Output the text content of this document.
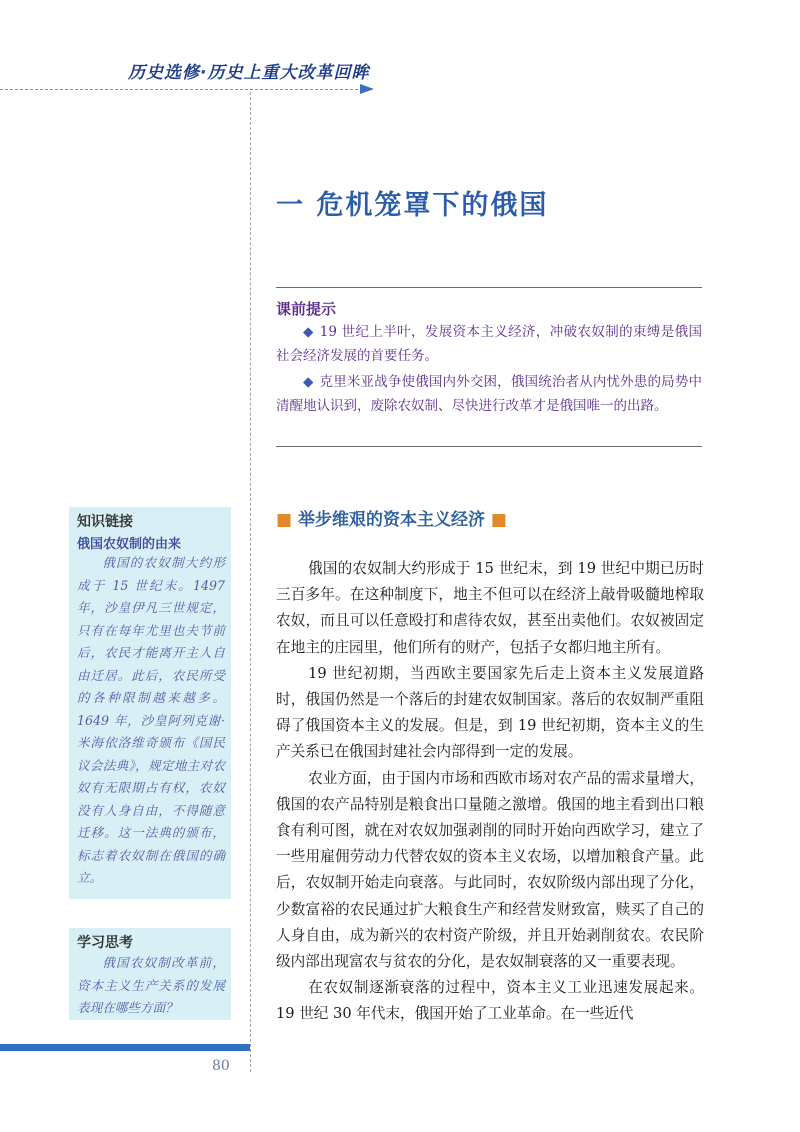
历史选修·历史上重大改革回眸
一 危机笼罩下的俄国
课前提示
◆ 19 世纪上半叶，发展资本主义经济，冲破农奴制的束缚是俄国社会经济发展的首要任务。
◆ 克里米亚战争使俄国内外交困，俄国统治者从内忧外患的局势中清醒地认识到，废除农奴制、尽快进行改革才是俄国唯一的出路。
■ 举步维艰的资本主义经济 ■

俄国的农奴制大约形成于 15 世纪末，到 19 世纪中期已历时三百多年。在这种制度下，地主不但可以在经济上敲骨吸髓地榨取农奴，而且可以任意殴打和虐待农奴，甚至出卖他们。农奴被固定在地主的庄园里，他们所有的财产，包括子女都归地主所有。

19 世纪初期，当西欧主要国家先后走上资本主义发展道路时，俄国仍然是一个落后的封建农奴制国家。落后的农奴制严重阻碍了俄国资本主义的发展。但是，到 19 世纪初期，资本主义的生产关系已在俄国封建社会内部得到一定的发展。

农业方面，由于国内市场和西欧市场对农产品的需求量增大，俄国的农产品特别是粮食出口量随之激增。俄国的地主看到出口粮食有利可图，就在对农奴加强剥削的同时开始向西欧学习，建立了一些用雇佣劳动力代替农奴的资本主义农场，以增加粮食产量。此后，农奴制开始走向衰落。与此同时，农奴阶级内部出现了分化，少数富裕的农民通过扩大粮食生产和经营发财致富，赎买了自己的人身自由，成为新兴的农村资产阶级，并且开始剥削贫农。农民阶级内部出现富农与贫农的分化，是农奴制衰落的又一重要表现。

在农奴制逐渐衰落的过程中，资本主义工业迅速发展起来。19 世纪 30 年代末，俄国开始了工业革命。在一些近代

知识链接
俄国农奴制的由来
俄国的农奴制大约形成于 15 世纪末。1497 年，沙皇伊凡三世规定，只有在每年尤里也夫节前后，农民才能离开主人自由迁居。此后，农民所受的各种限制越来越多。1649 年，沙皇阿列克谢·米海依洛维奇颁布《国民议会法典》，规定地主对农奴有无限期占有权，农奴没有人身自由，不得随意迁移。这一法典的颁布，标志着农奴制在俄国的确立。
学习思考
俄国农奴制改革前，资本主义生产关系的发展表现在哪些方面？
80
